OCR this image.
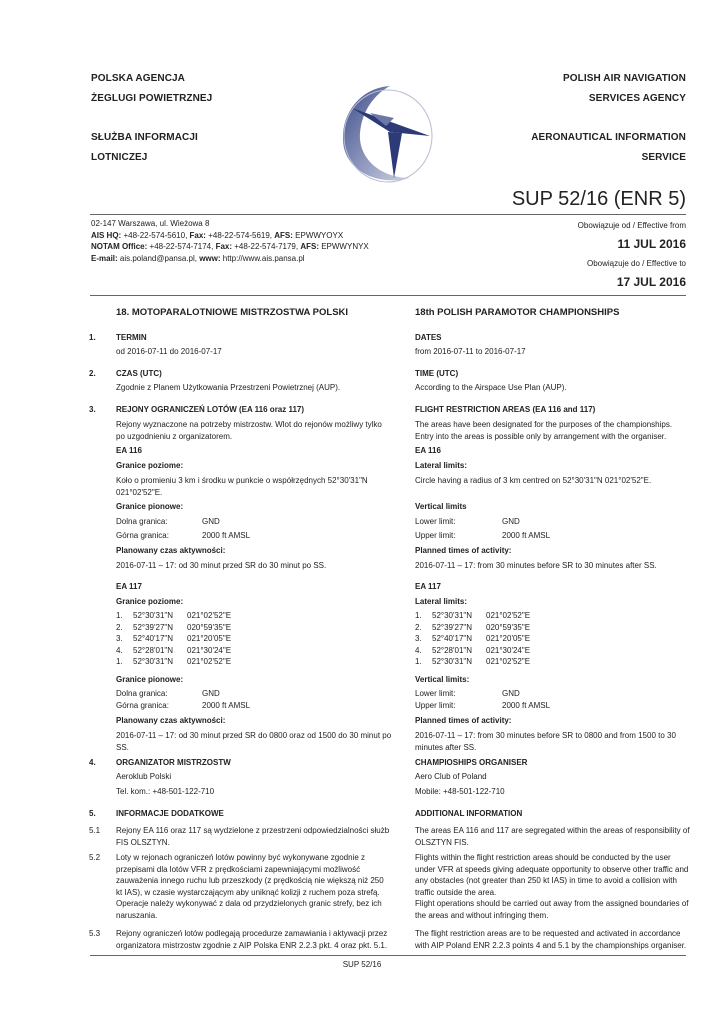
POLSKA AGENCJA
ŻEGLUGI POWIETRZNEJ
SŁUŻBA INFORMACJI
LOTNICZEJ
POLISH AIR NAVIGATION
SERVICES AGENCY
AERONAUTICAL INFORMATION
SERVICE
SUP 52/16 (ENR 5)
02-147 Warszawa, ul. Wieżowa 8
AIS HQ: +48-22-574-5610, Fax: +48-22-574-5619, AFS: EPWWYOYX
NOTAM Office: +48-22-574-7174, Fax: +48-22-574-7179, AFS: EPWWYNYX
E-mail: ais.poland@pansa.pl, www: http://www.ais.pansa.pl
Obowiązuje od / Effective from
11 JUL 2016
Obowiązuje do / Effective to
17 JUL 2016
18. MOTOPARALOTNIOWE MISTRZOSTWA POLSKI	18th POLISH PARAMOTOR CHAMPIONSHIPS
1.	TERMIN
od 2016-07-11 do 2016-07-17
DATES
from 2016-07-11 to 2016-07-17
2.	CZAS (UTC)
Zgodnie z Planem Użytkowania Przestrzeni Powietrznej (AUP).
TIME (UTC)
According to the Airspace Use Plan (AUP).
3.	REJONY OGRANICZEŃ LOTÓW (EA 116 oraz 117)
Rejony wyznaczone na potrzeby mistrzostw. Wlot do rejonów możliwy tylko
po uzgodnieniu z organizatorem.
FLIGHT RESTRICTION AREAS (EA 116 and 117)
The areas have been designated for the purposes of the championships.
Entry into the areas is possible only by arrangement with the organiser.
EA 116	EA 116
Granice poziome:	Lateral limits:
Koło o promieniu 3 km i środku w punkcie o współrzędnych 52°30'31"N
021°02'52"E.
Circle having a radius of 3 km centred on 52°30'31"N 021°02'52"E.
Granice pionowe:	Vertical limits
Dolna granica:	GND
Górna granica:	2000 ft AMSL
Lower limit:	GND
Upper limit:	2000 ft AMSL
Planowany czas aktywności:	Planned times of activity:
2016-07-11 – 17: od 30 minut przed SR do 30 minut po SS.	2016-07-11 – 17: from 30 minutes before SR to 30 minutes after SS.
EA 117	EA 117
Granice poziome:	Lateral limits:
1. 52°30'31"N 021°02'52"E
2. 52°39'27"N 020°59'35"E
3. 52°40'17"N 021°20'05"E
4. 52°28'01"N 021°30'24"E
1. 52°30'31"N 021°02'52"E
1. 52°30'31"N 021°02'52"E
2. 52°39'27"N 020°59'35"E
3. 52°40'17"N 021°20'05"E
4. 52°28'01"N 021°30'24"E
1. 52°30'31"N 021°02'52"E
Granice pionowe:	Vertical limits:
Dolna granica:	GND
Górna granica:	2000 ft AMSL
Lower limit:	GND
Upper limit:	2000 ft AMSL
Planowany czas aktywności:	Planned times of activity:
2016-07-11 – 17: od 30 minut przed SR do 0800 oraz od 1500 do 30 minut po
SS.
2016-07-11 – 17: from 30 minutes before SR to 0800 and from 1500 to 30
minutes after SS.
4.	ORGANIZATOR MISTRZOSTW
Aeroklub Polski
Tel. kom.: +48-501-122-710
CHAMPIOSHIPS ORGANISER
Aero Club of Poland
Mobile: +48-501-122-710
5.	INFORMACJE DODATKOWE	ADDITIONAL INFORMATION
5.1 Rejony EA 116 oraz 117 są wydzielone z przestrzeni odpowiedzialności służb
FIS OLSZTYN.
The areas EA 116 and 117 are segregated within the areas of responsibility of
OLSZTYN FIS.
5.2 Loty w rejonach ograniczeń lotów powinny być wykonywane zgodnie z
przepisami dla lotów VFR z prędkościami zapewniającymi możliwość
zauważenia innego ruchu lub przeszkody (z prędkością nie większą niż 250
kt IAS), w czasie wystarczającym aby uniknąć kolizji z ruchem poza strefą.
Operacje należy wykonywać z dala od przydzielonych granic strefy, bez ich
naruszania.
Flights within the flight restriction areas should be conducted by the user
under VFR at speeds giving adequate opportunity to observe other traffic and
any obstacles (not greater than 250 kt IAS) in time to avoid a collision with
traffic outside the area.
Flight operations should be carried out away from the assigned boundaries of
the areas and without infringing them.
5.3 Rejony ograniczeń lotów podlegają procedurze zamawiania i aktywacji przez
organizatora mistrzostw zgodnie z AIP Polska ENR 2.2.3 pkt. 4 oraz pkt. 5.1.
The flight restriction areas are to be requested and activated in accordance
with AIP Poland ENR 2.2.3 points 4 and 5.1 by the championships organiser.
SUP 52/16
